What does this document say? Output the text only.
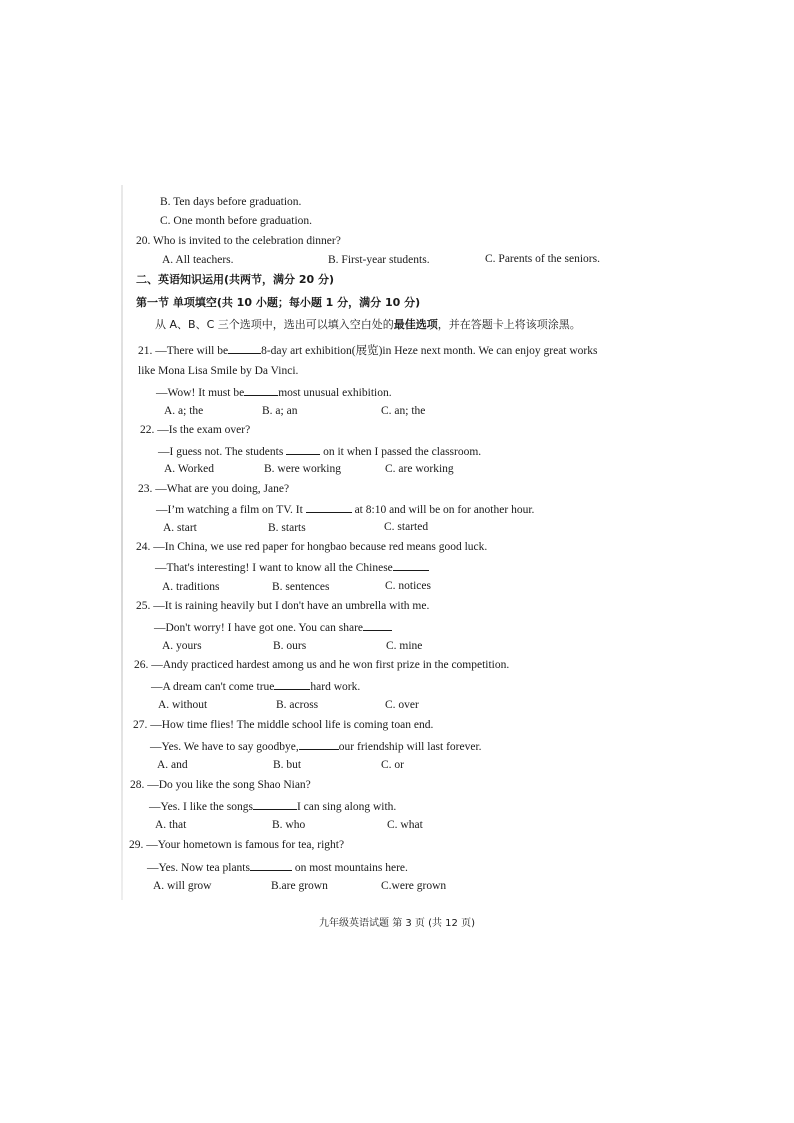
B. Ten days before graduation.
C. One month before graduation.
20. Who is invited to the celebration dinner?
A. All teachers.	B. First-year students.	C. Parents of the seniors.
二、英语知识运用(共两节，满分 20 分)
第一节 单项填空(共 10 小题；每小题 1 分，满分 10 分)
从 A、B、C 三个选项中，选出可以填入空白处的最佳选项，并在答题卡上将该项涂黑。
21. —There will be	8-day art exhibition(展览)in Heze next month. We can enjoy great works
like Mona Lisa Smile by Da Vinci.
—Wow! It must be	most unusual exhibition.
A. a; the	B. a; an	C. an; the
22. —Is the exam over?
—I guess not. The students	on it when I passed the classroom.
A. Worked	B. were working	C. are working
23. —What are you doing, Jane?
—I’m watching a film on TV. It	at 8:10 and will be on for another hour.
A. start	B. starts	C. started
24. —In China, we use red paper for hongbao because red means good luck.
—That's interesting! I want to know all the Chinese
A. traditions	B. sentences	C. notices
25. —It is raining heavily but I don't have an umbrella with me.
—Don't worry! I have got one. You can share
A. yours	B. ours	C. mine
26. —Andy practiced hardest among us and he won first prize in the competition.
—A dream can't come true	hard work.
A. without	B. across	C. over
27. —How time flies! The middle school life is coming toan end.
—Yes. We have to say goodbye,	our friendship will last forever.
A. and	B. but	C. or
28. —Do you like the song Shao Nian?
—Yes. I like the songs	I can sing along with.
A. that	B. who	C. what
29. —Your hometown is famous for tea, right?
—Yes. Now tea plants	on most mountains here.
A. will grow	B.are grown	C.were grown
九年级英语试题 第 3 页 (共 12 页)
